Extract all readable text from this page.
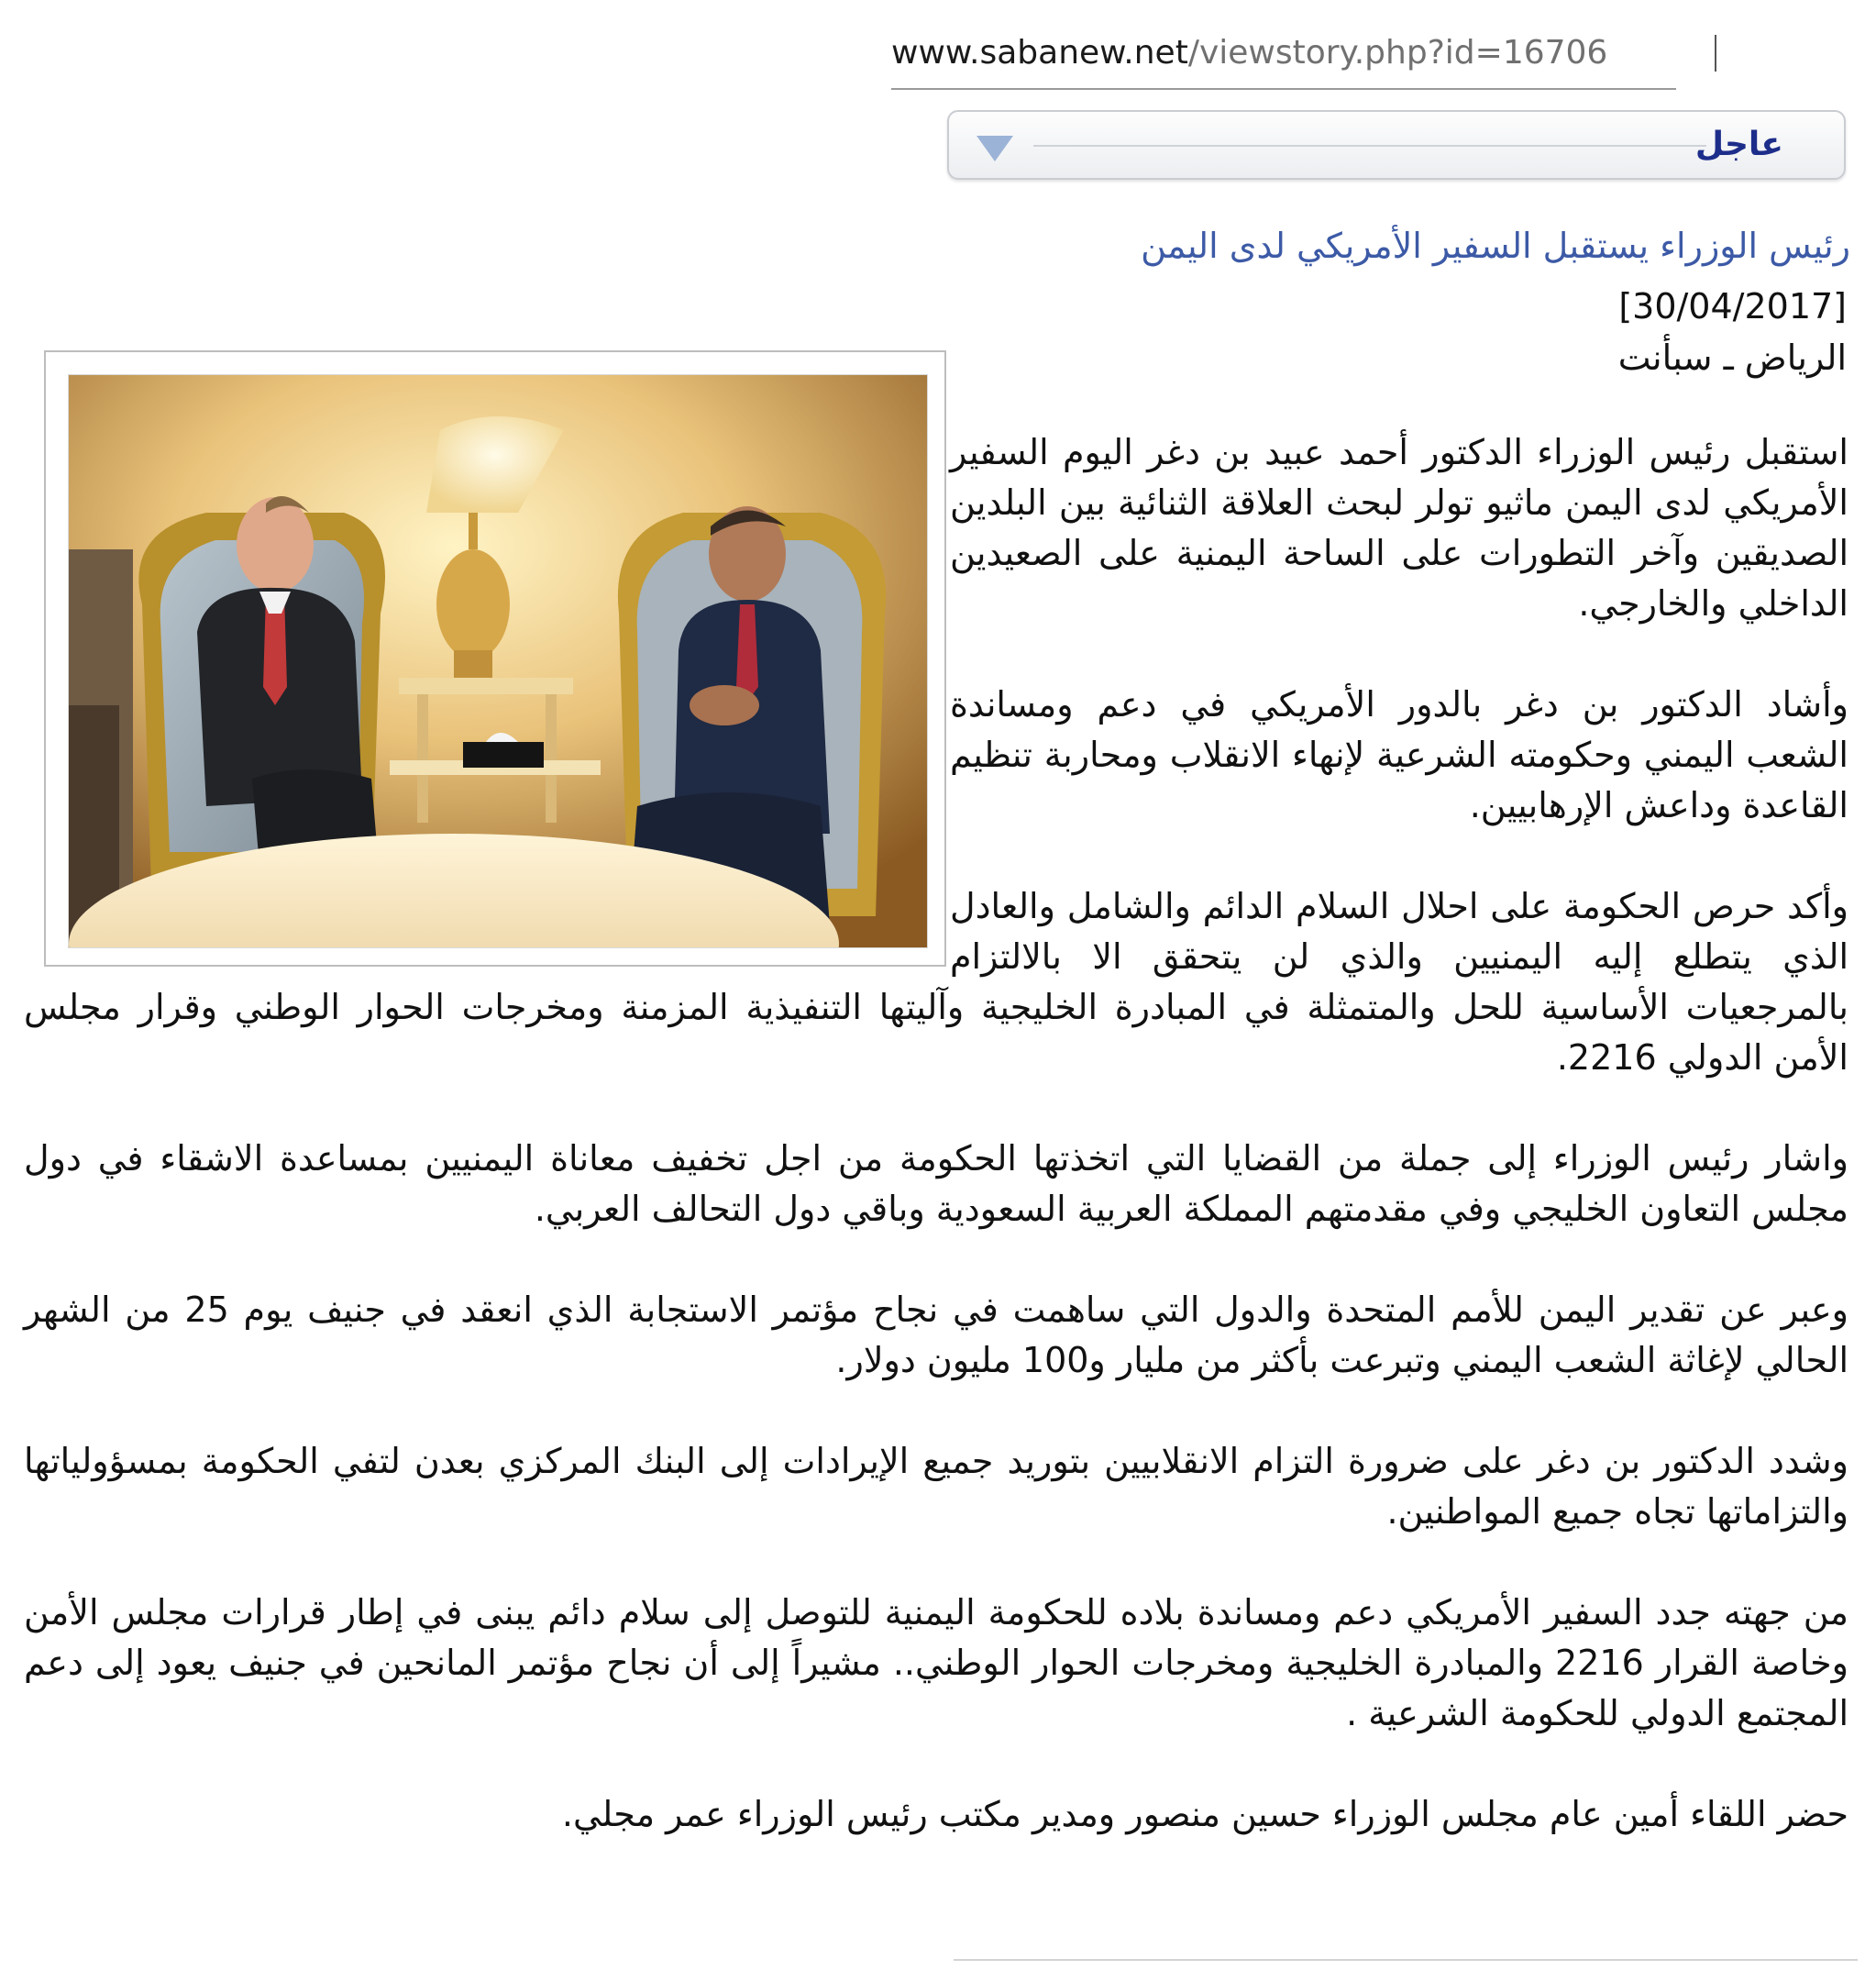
www.sabanew.net/viewstory.php?id=16706
عاجل
رئيس الوزراء يستقبل السفير الأمريكي لدى اليمن
[30/04/2017]
الرياض ـ سبأنت

استقبل رئيس الوزراء الدكتور أحمد عبيد بن دغر اليوم السفير الأمريكي لدى اليمن ماثيو تولر لبحث العلاقة الثنائية بين البلدين الصديقين وآخر التطورات على الساحة اليمنية على الصعيدين الداخلي والخارجي.

وأشاد الدكتور بن دغر بالدور الأمريكي في دعم ومساندة الشعب اليمني وحكومته الشرعية لإنهاء الانقلاب ومحاربة تنظيم القاعدة وداعش الإرهابيين.

وأكد حرص الحكومة على احلال السلام الدائم والشامل والعادل الذي يتطلع إليه اليمنيين والذي لن يتحقق الا بالالتزام بالمرجعيات الأساسية للحل والمتمثلة في المبادرة الخليجية وآليتها التنفيذية المزمنة ومخرجات الحوار الوطني وقرار مجلس الأمن الدولي 2216.

واشار رئيس الوزراء إلى جملة من القضايا التي اتخذتها الحكومة من اجل تخفيف معاناة اليمنيين بمساعدة الاشقاء في دول مجلس التعاون الخليجي وفي مقدمتهم المملكة العربية السعودية وباقي دول التحالف العربي.

وعبر عن تقدير اليمن للأمم المتحدة والدول التي ساهمت في نجاح مؤتمر الاستجابة الذي انعقد في جنيف يوم 25 من الشهر الحالي لإغاثة الشعب اليمني وتبرعت بأكثر من مليار و100 مليون دولار.

وشدد الدكتور بن دغر على ضرورة التزام الانقلابيين بتوريد جميع الإيرادات إلى البنك المركزي بعدن لتفي الحكومة بمسؤولياتها والتزاماتها تجاه جميع المواطنين.

من جهته جدد السفير الأمريكي دعم ومساندة بلاده للحكومة اليمنية للتوصل إلى سلام دائم يبنى في إطار قرارات مجلس الأمن وخاصة القرار 2216 والمبادرة الخليجية ومخرجات الحوار الوطني.. مشيراً إلى أن نجاح مؤتمر المانحين في جنيف يعود إلى دعم المجتمع الدولي للحكومة الشرعية .

حضر اللقاء أمين عام مجلس الوزراء حسين منصور ومدير مكتب رئيس الوزراء عمر مجلي.
